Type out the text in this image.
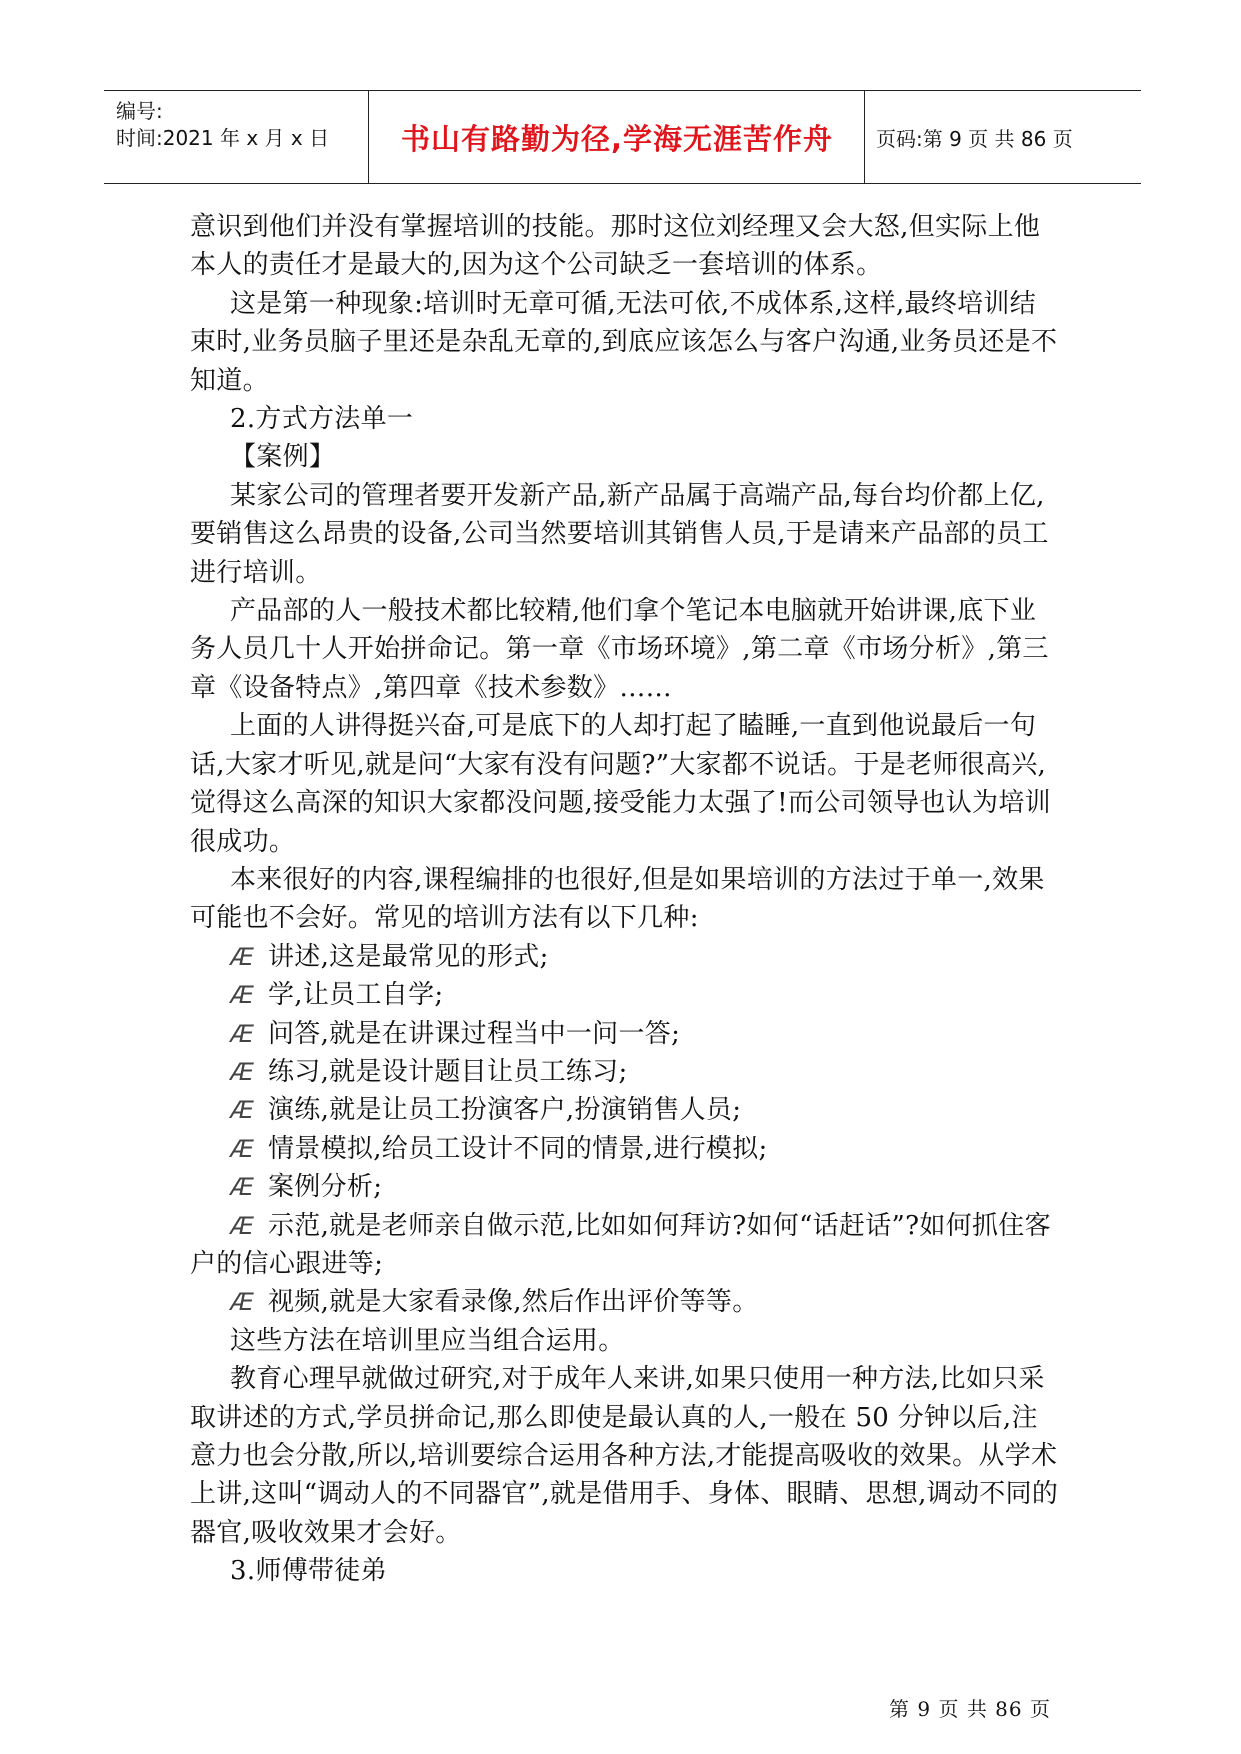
编号:
时间:2021 年 x 月 x 日	书山有路勤为径,学海无涯苦作舟	页码:第 9 页 共 86 页

意识到他们并没有掌握培训的技能。那时这位刘经理又会大怒,但实际上他本人的责任才是最大的,因为这个公司缺乏一套培训的体系。

这是第一种现象:培训时无章可循,无法可依,不成体系,这样,最终培训结束时,业务员脑子里还是杂乱无章的,到底应该怎么与客户沟通,业务员还是不知道。

2.方式方法单一

【案例】

某家公司的管理者要开发新产品,新产品属于高端产品,每台均价都上亿,要销售这么昂贵的设备,公司当然要培训其销售人员,于是请来产品部的员工进行培训。

产品部的人一般技术都比较精,他们拿个笔记本电脑就开始讲课,底下业务人员几十人开始拼命记。第一章《市场环境》,第二章《市场分析》,第三章《设备特点》,第四章《技术参数》……

上面的人讲得挺兴奋,可是底下的人却打起了瞌睡,一直到他说最后一句话,大家才听见,就是问“大家有没有问题?”大家都不说话。于是老师很高兴,觉得这么高深的知识大家都没问题,接受能力太强了!而公司领导也认为培训很成功。

本来很好的内容,课程编排的也很好,但是如果培训的方法过于单一,效果可能也不会好。常见的培训方法有以下几种:

Æ 讲述,这是最常见的形式;

Æ 学,让员工自学;

Æ 问答,就是在讲课过程当中一问一答;

Æ 练习,就是设计题目让员工练习;

Æ 演练,就是让员工扮演客户,扮演销售人员;

Æ 情景模拟,给员工设计不同的情景,进行模拟;

Æ 案例分析;

Æ 示范,就是老师亲自做示范,比如如何拜访?如何“话赶话”?如何抓住客户的信心跟进等;

Æ 视频,就是大家看录像,然后作出评价等等。

这些方法在培训里应当组合运用。

教育心理早就做过研究,对于成年人来讲,如果只使用一种方法,比如只采取讲述的方式,学员拼命记,那么即使是最认真的人,一般在 50 分钟以后,注意力也会分散,所以,培训要综合运用各种方法,才能提高吸收的效果。从学术上讲,这叫“调动人的不同器官”,就是借用手、身体、眼睛、思想,调动不同的器官,吸收效果才会好。

3.师傅带徒弟

第 9 页 共 86 页
